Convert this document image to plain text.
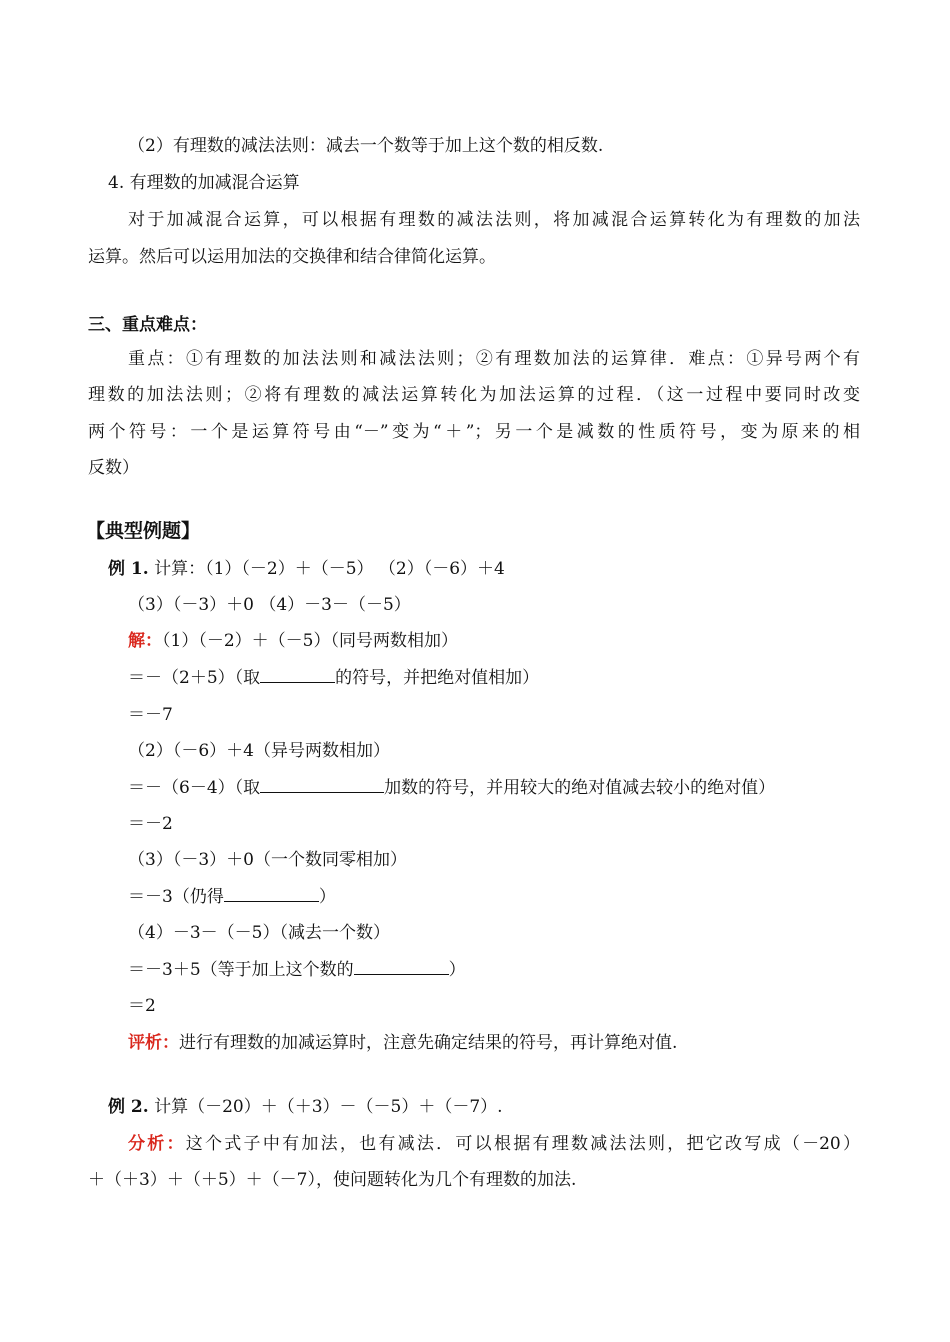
（2）有理数的减法法则：减去一个数等于加上这个数的相反数.
4. 有理数的加减混合运算
对于加减混合运算，可以根据有理数的减法法则，将加减混合运算转化为有理数的加法
运算。然后可以运用加法的交换律和结合律简化运算。
三、重点难点：
重点：①有理数的加法法则和减法法则；②有理数加法的运算律．难点：①异号两个有
理数的加法法则；②将有理数的减法运算转化为加法运算的过程．（这一过程中要同时改变
两个符号：一个是运算符号由“－”变为“＋”；另一个是减数的性质符号，变为原来的相
反数）
【典型例题】
例 1. 计算：（1）（－2）＋（－5） （2）（－6）＋4
（3）（－3）＋0 （4）－3－（－5）
解：（1）（－2）＋（－5）（同号两数相加）
＝－（2＋5）（取	的符号，并把绝对值相加）
＝－7
（2）（－6）＋4（异号两数相加）
＝－（6－4）（取	加数的符号，并用较大的绝对值减去较小的绝对值）
＝－2
（3）（－3）＋0（一个数同零相加）
＝－3（仍得	）
（4）－3－（－5）（减去一个数）
＝－3＋5（等于加上这个数的	）
＝2
评析：进行有理数的加减运算时，注意先确定结果的符号，再计算绝对值.
例 2. 计算（－20）＋（＋3）－（－5）＋（－7）.
分析：这个式子中有加法，也有减法．可以根据有理数减法法则，把它改写成（－20）
＋（＋3）＋（＋5）＋（－7），使问题转化为几个有理数的加法.
